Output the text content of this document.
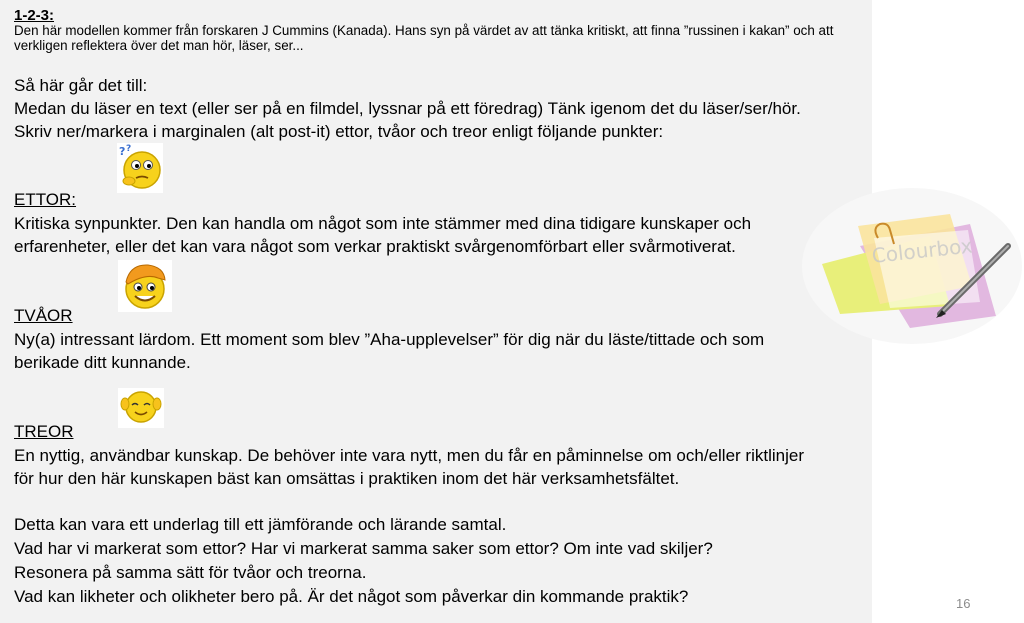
1-2-3:

Den här modellen kommer från forskaren J Cummins (Kanada). Hans syn på värdet av att tänka kritiskt, att finna ”russinen i kakan” och att verkligen reflektera över det man hör, läser, ser...

Så här går det till:

Medan du läser en text (eller ser på en filmdel, lyssnar på ett föredrag) Tänk igenom det du läser/ser/hör.

Skriv ner/markera i marginalen (alt post-it) ettor, tvåor och treor enligt följande punkter:

? ?

ETTOR:

Kritiska synpunkter. Den kan handla om något som inte stämmer med dina tidigare kunskaper och

erfarenheter, eller det kan vara något som verkar praktiskt svårgenomförbart eller svårmotiverat.

TVÅOR

Ny(a) intressant lärdom. Ett moment som blev ”Aha-upplevelser” för dig när du läste/tittade och som

berikade ditt kunnande.

TREOR

En nyttig, användbar kunskap. De behöver inte vara nytt, men du får en påminnelse om och/eller riktlinjer

för hur den här kunskapen bäst kan omsättas i praktiken inom det här verksamhetsfältet.

Detta kan vara ett underlag till ett jämförande och lärande samtal.

Vad har vi markerat som ettor? Har vi markerat samma saker som ettor? Om inte vad skiljer?

Resonera på samma sätt för tvåor och treorna.

Vad kan likheter och olikheter bero på. Är det något som påverkar din kommande praktik?

Colourbox
16
